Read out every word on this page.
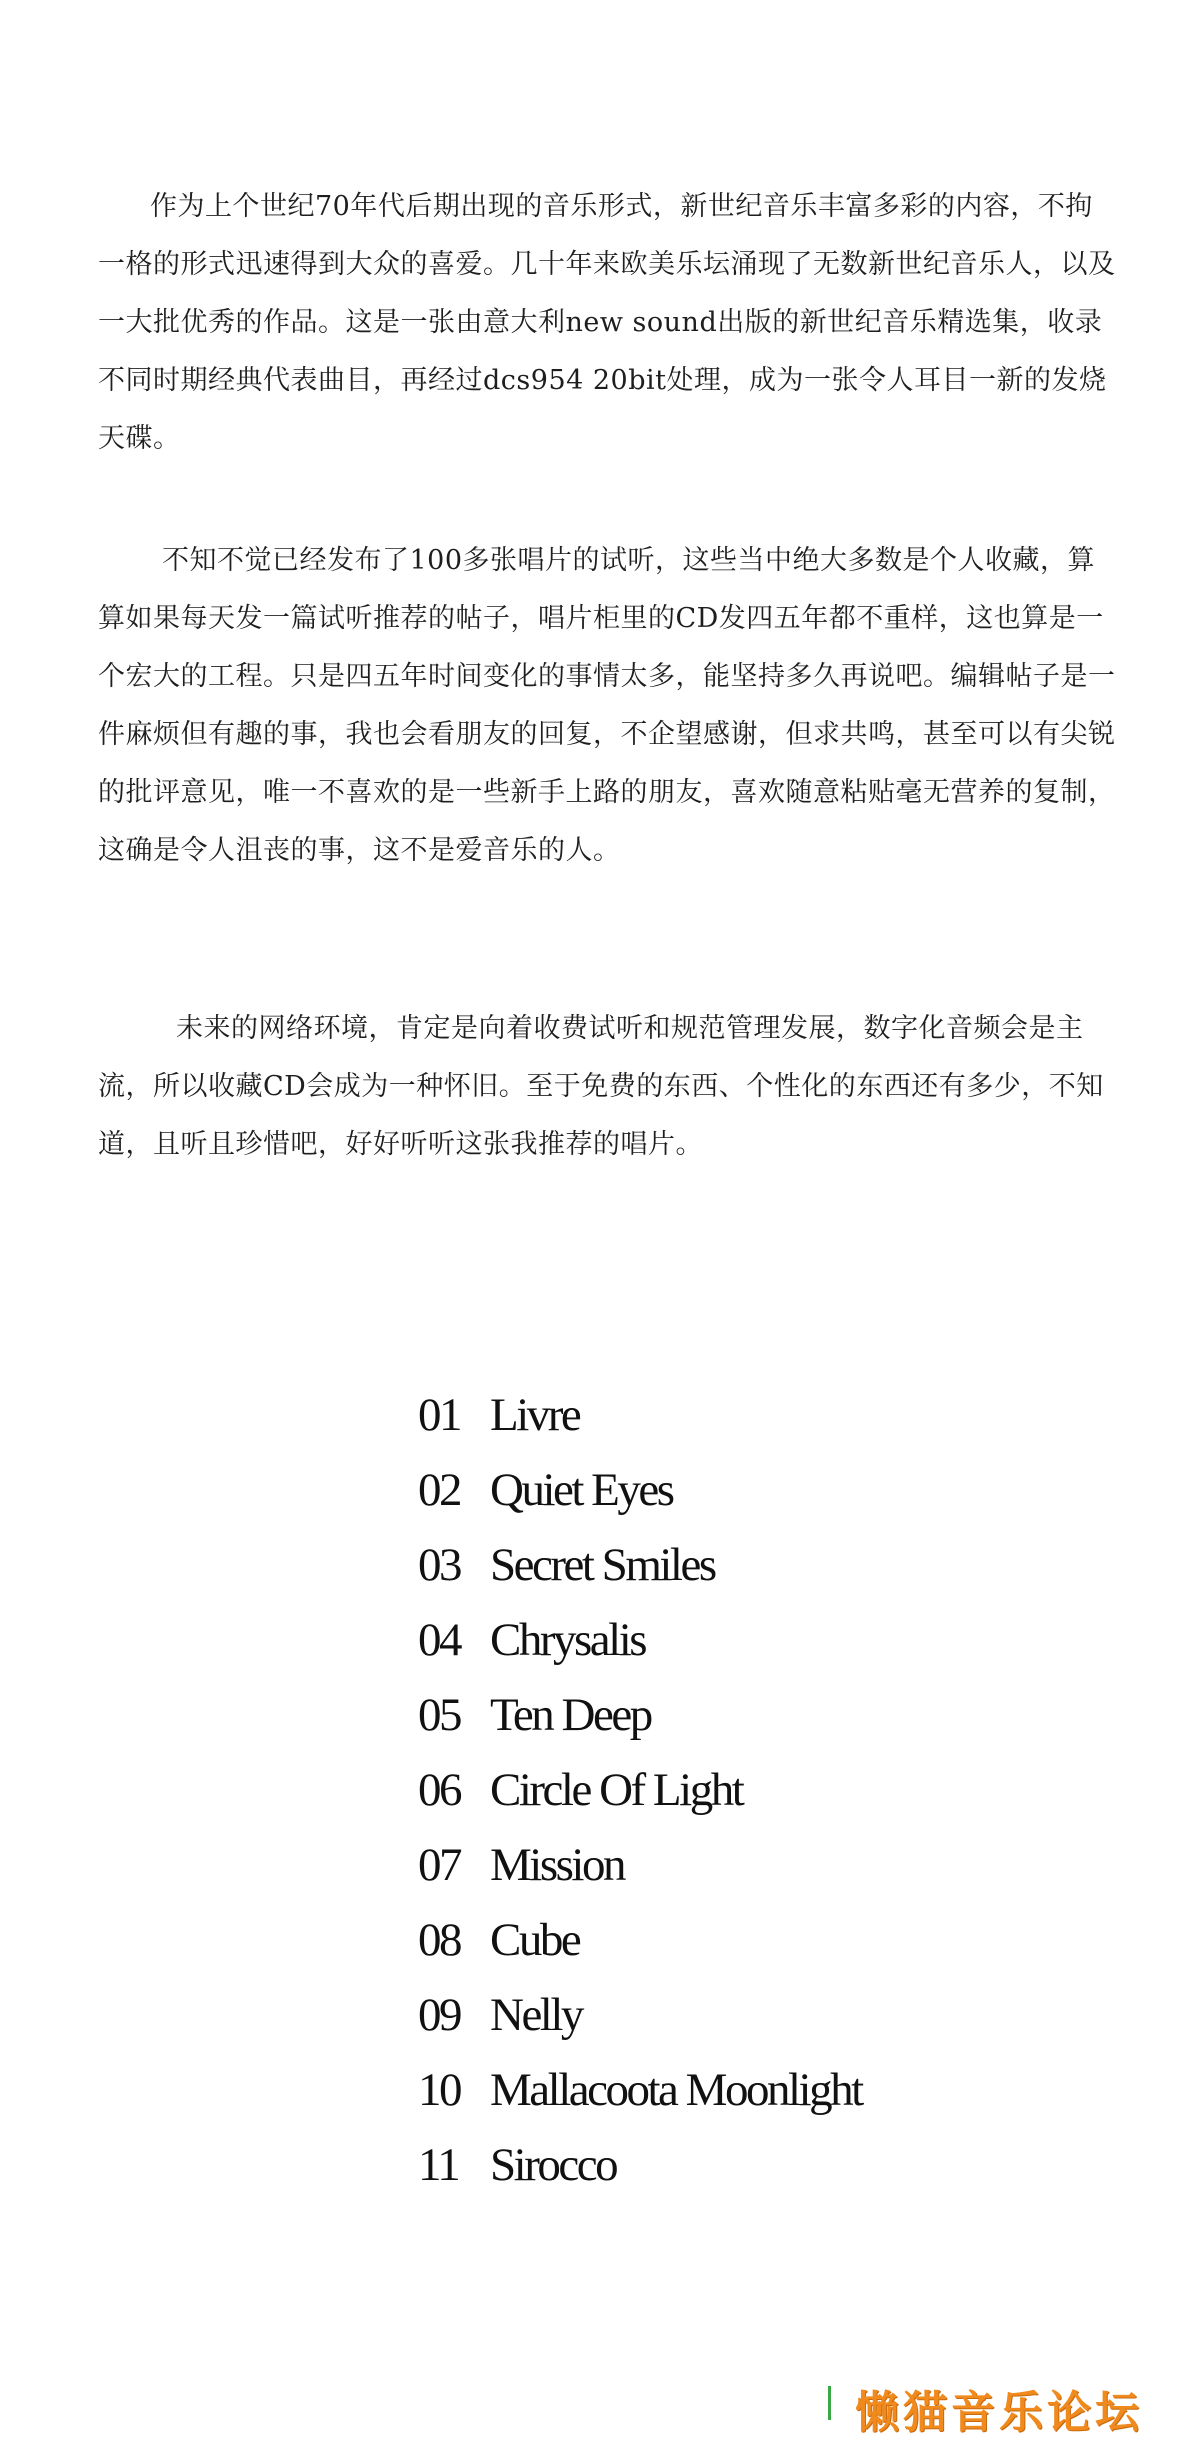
作为上个世纪70年代后期出现的音乐形式，新世纪音乐丰富多彩的内容，不拘一格的形式迅速得到大众的喜爱。几十年来欧美乐坛涌现了无数新世纪音乐人，以及一大批优秀的作品。这是一张由意大利new sound出版的新世纪音乐精选集，收录不同时期经典代表曲目，再经过dcs954 20bit处理，成为一张令人耳目一新的发烧天碟。

不知不觉已经发布了100多张唱片的试听，这些当中绝大多数是个人收藏，算算如果每天发一篇试听推荐的帖子，唱片柜里的CD发四五年都不重样，这也算是一个宏大的工程。只是四五年时间变化的事情太多，能坚持多久再说吧。编辑帖子是一件麻烦但有趣的事，我也会看朋友的回复，不企望感谢，但求共鸣，甚至可以有尖锐的批评意见，唯一不喜欢的是一些新手上路的朋友，喜欢随意粘贴毫无营养的复制，这确是令人沮丧的事，这不是爱音乐的人。

未来的网络环境，肯定是向着收费试听和规范管理发展，数字化音频会是主流，所以收藏CD会成为一种怀旧。至于免费的东西、个性化的东西还有多少，不知道，且听且珍惜吧，好好听听这张我推荐的唱片。

01 Livre
02 Quiet Eyes
03 Secret Smiles
04 Chrysalis
05 Ten Deep
06 Circle Of Light
07 Mission
08 Cube
09 Nelly
10 Mallacoota Moonlight
11 Sirocco
懒猫音乐论坛
